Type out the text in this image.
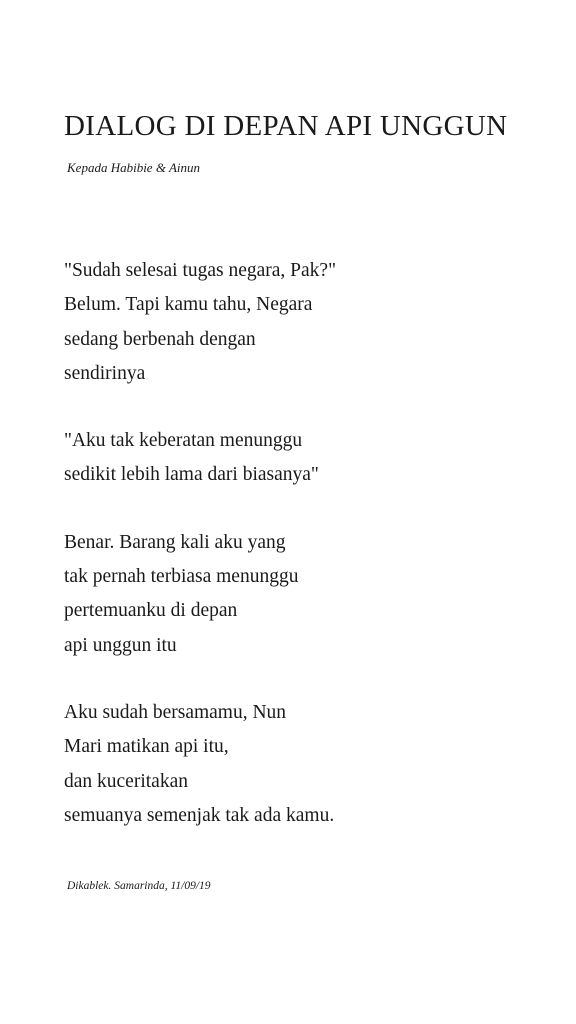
DIALOG DI DEPAN API UNGGUN
Kepada Habibie & Ainun
"Sudah selesai tugas negara, Pak?"
Belum. Tapi kamu tahu, Negara
sedang berbenah dengan
sendirinya
"Aku tak keberatan menunggu
sedikit lebih lama dari biasanya"
Benar. Barang kali aku yang
tak pernah terbiasa menunggu
pertemuanku di depan
api unggun itu
Aku sudah bersamamu, Nun
Mari matikan api itu,
dan kuceritakan
semuanya semenjak tak ada kamu.
Dikablek. Samarinda, 11/09/19
